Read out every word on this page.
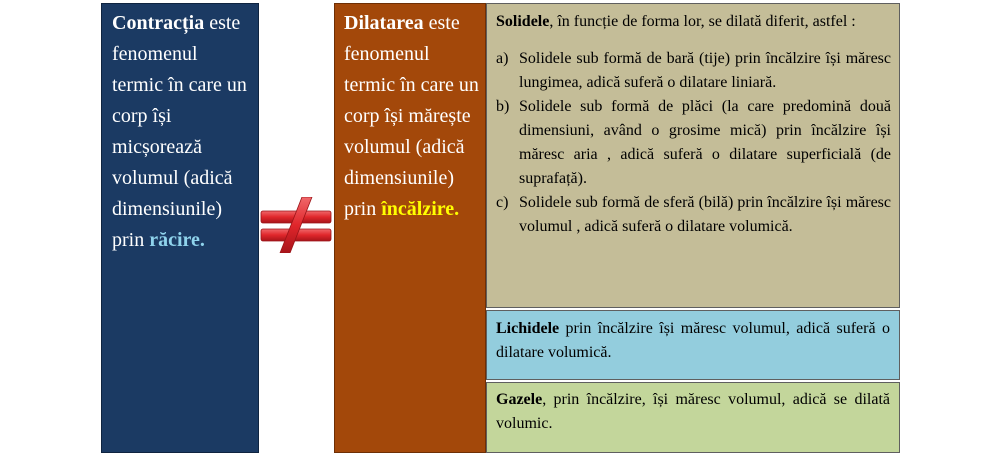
Contracția este fenomenul termic în care un corp își micșorează volumul (adică dimensiunile) prin răcire.
Dilatarea este fenomenul termic în care un corp își mărește volumul (adică dimensiunile) prin încălzire.

Solidele, în funcție de forma lor, se dilată diferit, astfel :

a) Solidele sub formă de bară (tije) prin încălzire își măresc lungimea, adică suferă o dilatare liniară.
b) Solidele sub formă de plăci (la care predomină două dimensiuni, având o grosime mică) prin încălzire își măresc aria , adică suferă o dilatare superficială (de suprafață).
c) Solidele sub formă de sferă (bilă) prin încălzire își măresc volumul , adică suferă o dilatare volumică.
Lichidele prin încălzire își măresc volumul, adică suferă o dilatare volumică.
Gazele, prin încălzire, își măresc volumul, adică se dilată volumic.
